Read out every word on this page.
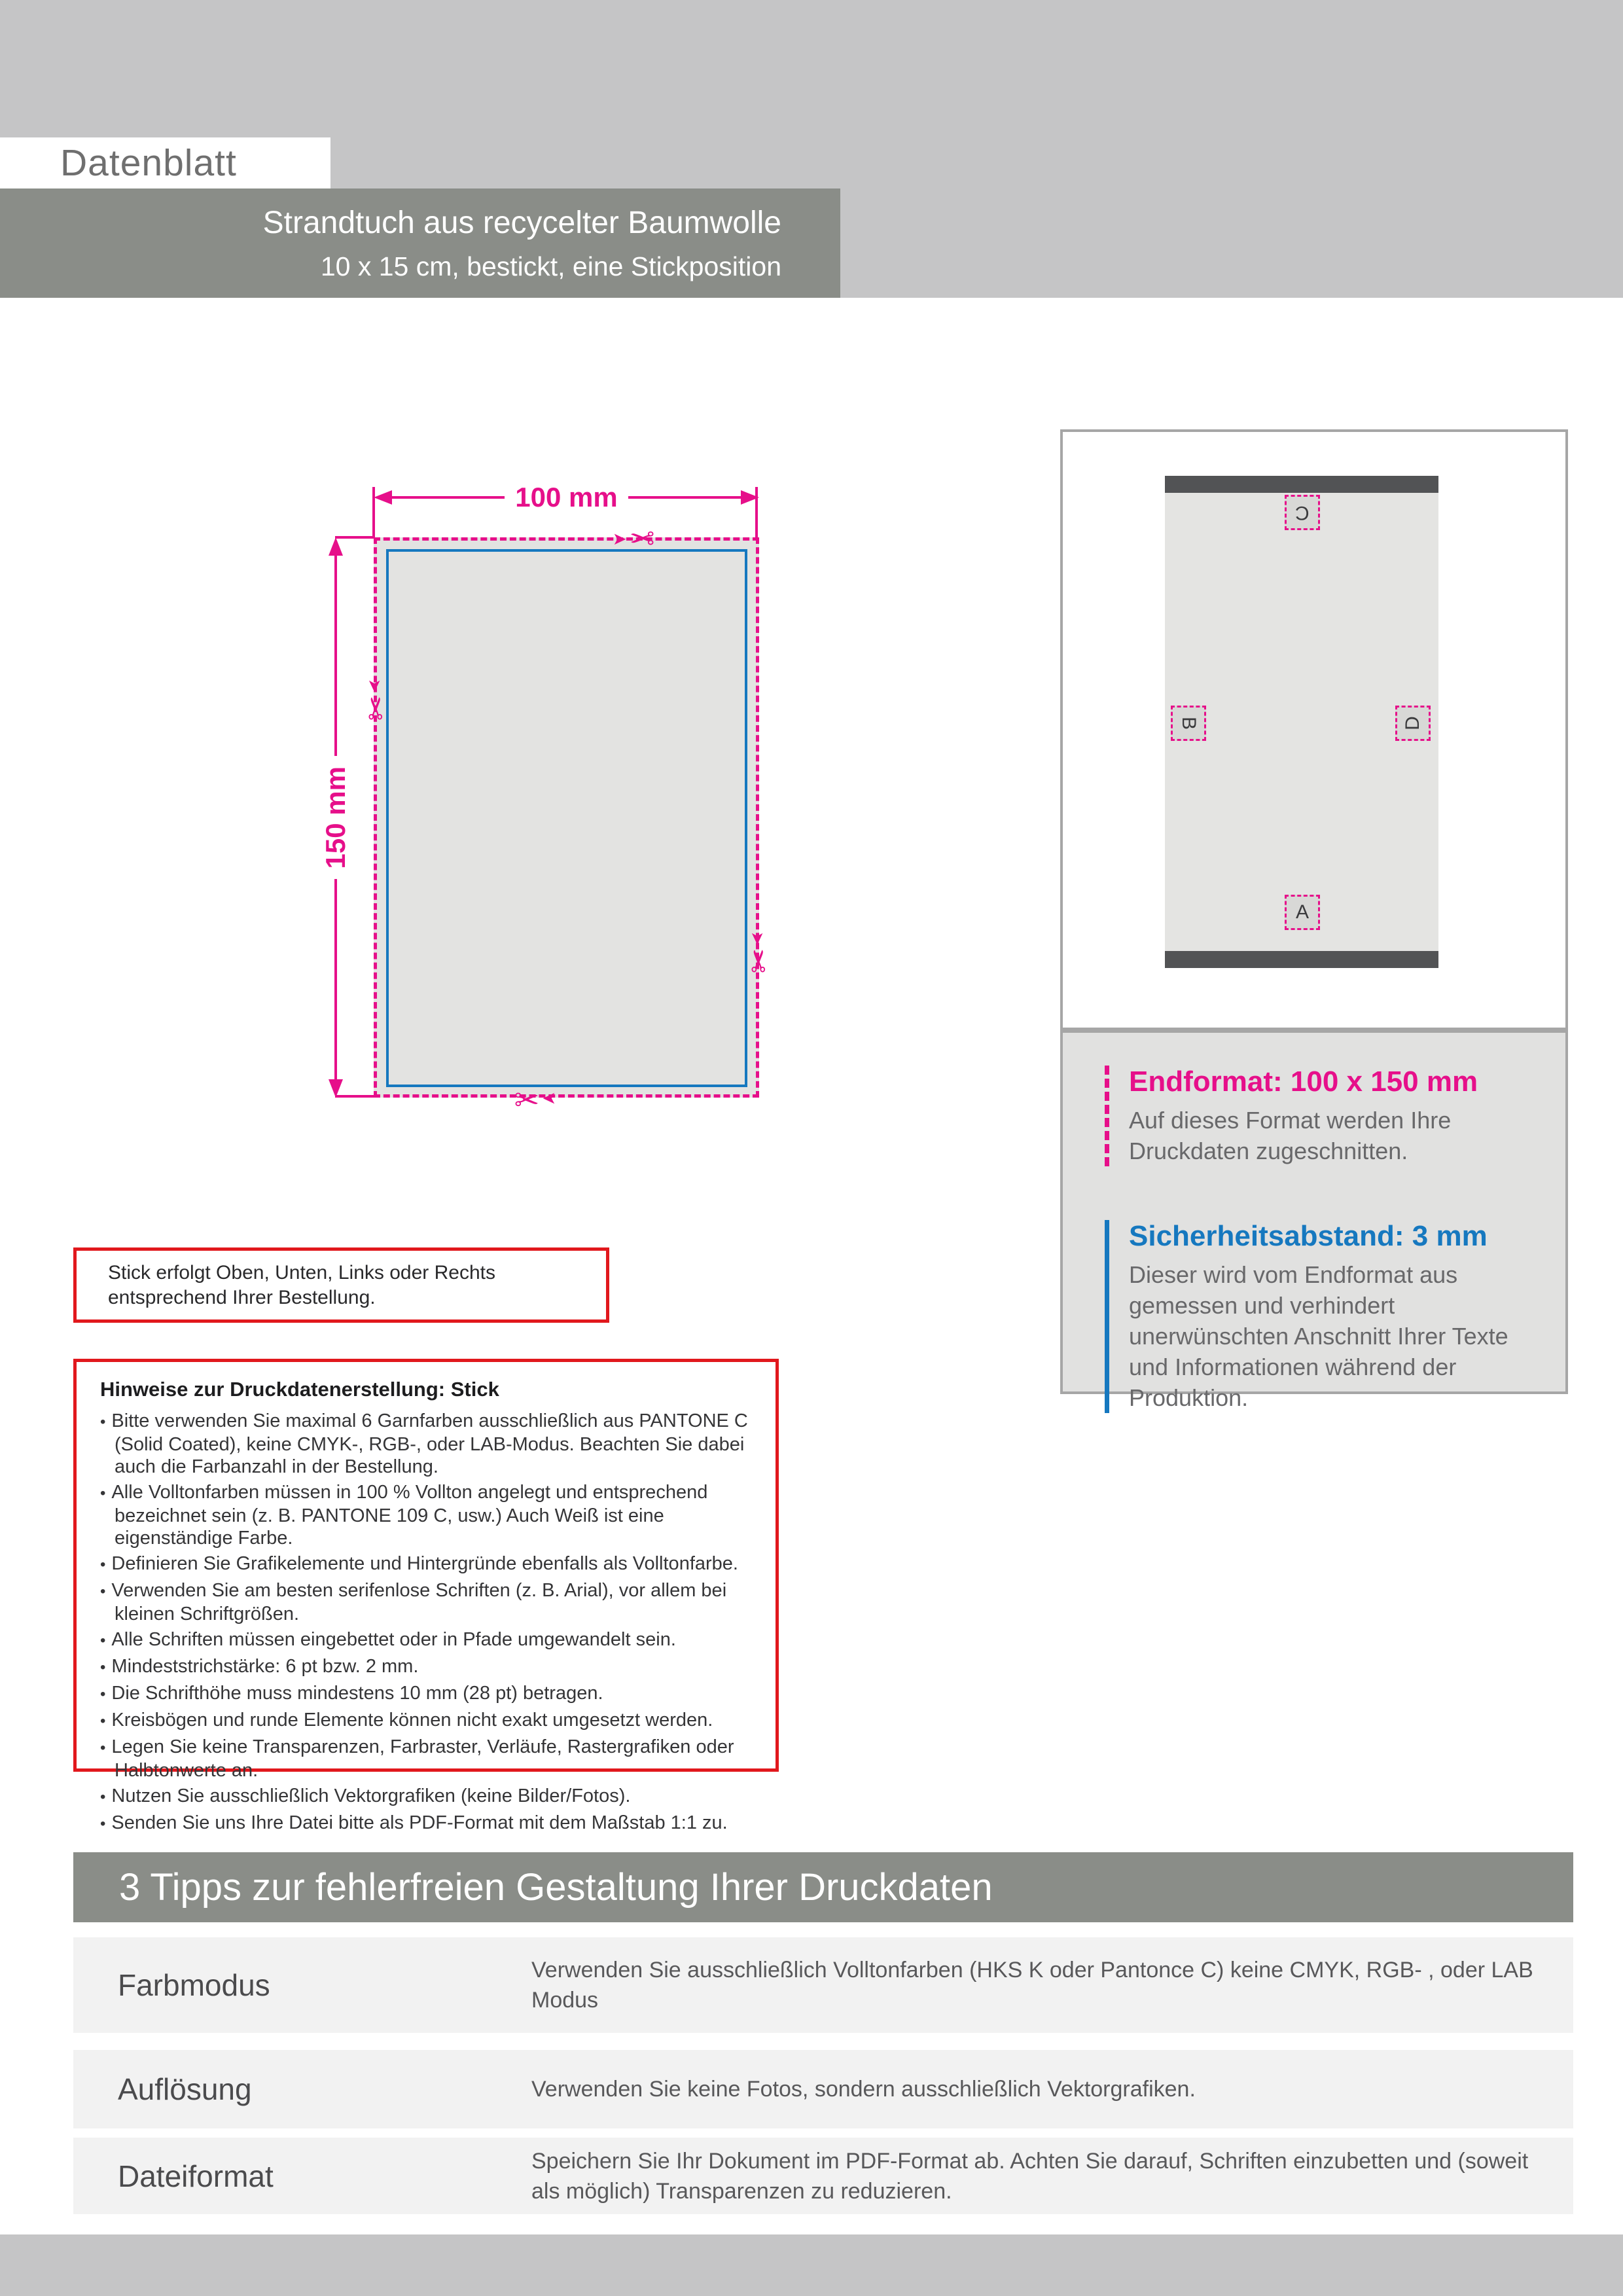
Datenblatt
Strandtuch aus recycelter Baumwolle
10 x 15 cm, bestickt, eine Stickposition
100 mm
150 mm
➤ ✂
➤
✂
➤
✂
➤
✂
C
B	D
A
Endformat: 100 x 150 mm
Auf dieses Format werden Ihre Druckdaten zugeschnitten.
Sicherheitsabstand: 3 mm
Dieser wird vom Endformat aus gemessen und verhindert unerwünschten Anschnitt Ihrer Texte und Informationen während der Produktion.
Stick erfolgt Oben, Unten, Links oder Rechts entsprechend Ihrer Bestellung.
Hinweise zur Druckdatenerstellung: Stick
• Bitte verwenden Sie maximal 6 Garnfarben ausschließlich aus PANTONE C (Solid Coated), keine CMYK-, RGB-, oder LAB-Modus. Beachten Sie dabei auch die Farbanzahl in der Bestellung.
• Alle Volltonfarben müssen in 100 % Vollton angelegt und entsprechend bezeichnet sein (z. B. PANTONE 109 C, usw.) Auch Weiß ist eine eigenständige Farbe.
• Definieren Sie Grafikelemente und Hintergründe ebenfalls als Volltonfarbe.
• Verwenden Sie am besten serifenlose Schriften (z. B. Arial), vor allem bei kleinen Schriftgrößen.
• Alle Schriften müssen eingebettet oder in Pfade umgewandelt sein.
• Mindeststrichstärke: 6 pt bzw. 2 mm.
• Die Schrifthöhe muss mindestens 10 mm (28 pt) betragen.
• Kreisbögen und runde Elemente können nicht exakt umgesetzt werden.
• Legen Sie keine Transparenzen, Farbraster, Verläufe, Rastergrafiken oder Halbtonwerte an.
• Nutzen Sie ausschließlich Vektorgrafiken (keine Bilder/Fotos).
• Senden Sie uns Ihre Datei bitte als PDF-Format mit dem Maßstab 1:1 zu.
3 Tipps zur fehlerfreien Gestaltung Ihrer Druckdaten
Farbmodus	Verwenden Sie ausschließlich Volltonfarben (HKS K oder Pantonce C) keine CMYK, RGB- , oder LAB Modus
Auflösung	Verwenden Sie keine Fotos, sondern ausschließlich Vektorgrafiken.
Dateiformat	Speichern Sie Ihr Dokument im PDF-Format ab. Achten Sie darauf, Schriften einzubetten und (soweit als möglich) Transparenzen zu reduzieren.
